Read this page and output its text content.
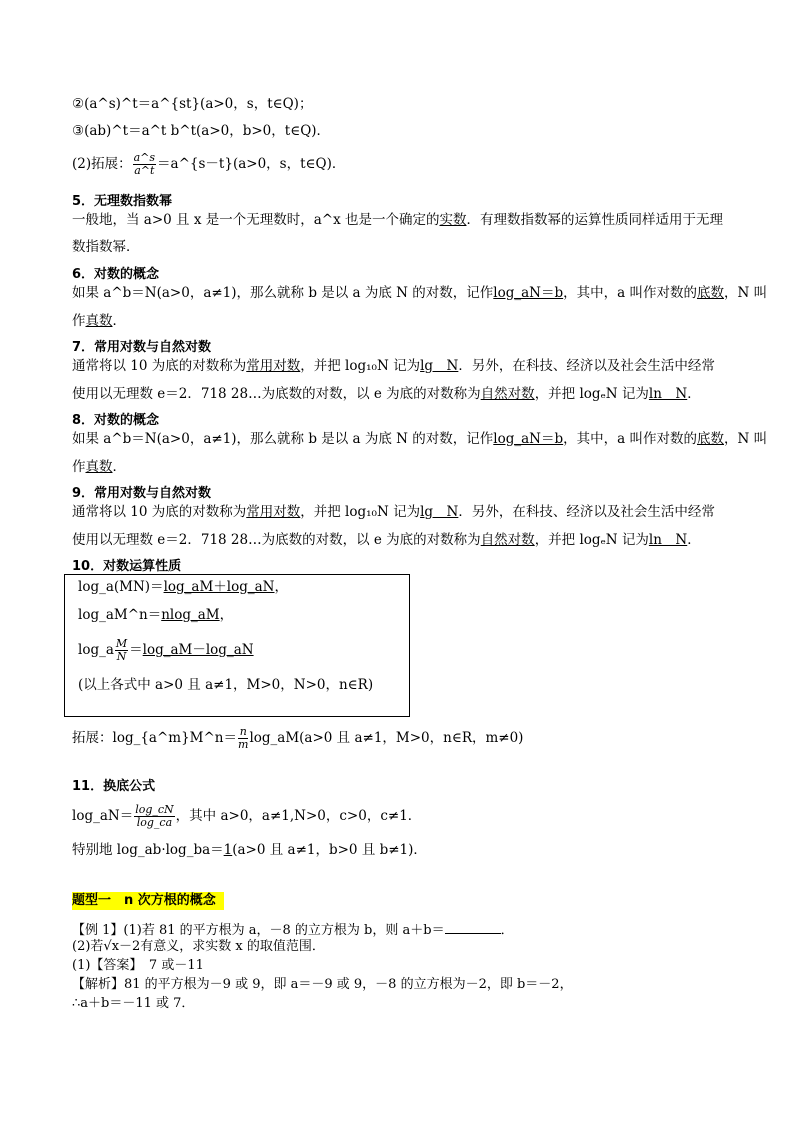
②(a^s)^t＝a^{st}(a>0，s，t∈Q)；
③(ab)^t＝a^t b^t(a>0，b>0，t∈Q)．
(2)拓展： $\frac{a\^{}s}{a\^{}t}$ ＝a^{s－t}(a>0，s，t∈Q)．
5．无理数指数幂
一般地，当 a>0 且 x 是一个无理数时，a^x 也是一个确定的实数．有理数指数幂的运算性质同样适用于无理
数指数幂．
6．对数的概念
如果 a^b＝N(a>0，a≠1)，那么就称 b 是以 a 为底 N 的对数，记作log_aN＝b，其中，a 叫作对数的底数，N 叫
作真数．
7．常用对数与自然对数
通常将以 10 为底的对数称为常用对数，并把 log₁₀N 记为lg　N．另外，在科技、经济以及社会生活中经常
使用以无理数 e＝2．718 28…为底数的对数，以 e 为底的对数称为自然对数，并把 logₑN 记为ln　N．
8．对数的概念
如果 a^b＝N(a>0，a≠1)，那么就称 b 是以 a 为底 N 的对数，记作log_aN＝b，其中，a 叫作对数的底数，N 叫
作真数．
9．常用对数与自然对数
通常将以 10 为底的对数称为常用对数，并把 log₁₀N 记为lg　N．另外，在科技、经济以及社会生活中经常
使用以无理数 e＝2．718 28…为底数的对数，以 e 为底的对数称为自然对数，并把 logₑN 记为ln　N．
10．对数运算性质
log_a(MN)＝log_aM＋log_aN，
log_aM^n＝nlog_aM，
log_a $\frac{M}{N}$ ＝log_aM－log_aN
(以上各式中 a>0 且 a≠1，M>0，N>0，n∈R)
拓展：log_{a^m}M^n＝ $\frac{n}{m}$ log_aM(a>0 且 a≠1，M>0，n∈R，m≠0)
11．换底公式
log_aN＝ $\frac{\log\_cN}{\log\_ca}$ ，其中 a>0，a≠1,N>0，c>0，c≠1．
特别地 log_ab·log_ba＝1(a>0 且 a≠1，b>0 且 b≠1)．
题型一　n 次方根的概念
【例 1】(1)若 81 的平方根为 a，－8 的立方根为 b，则 a＋b＝	．
(2)若√x－2有意义，求实数 x 的取值范围．
(1)【答案】　7 或－11
【解析】81 的平方根为－9 或 9，即 a＝－9 或 9，－8 的立方根为－2，即 b＝－2，
∴a＋b＝－11 或 7．
